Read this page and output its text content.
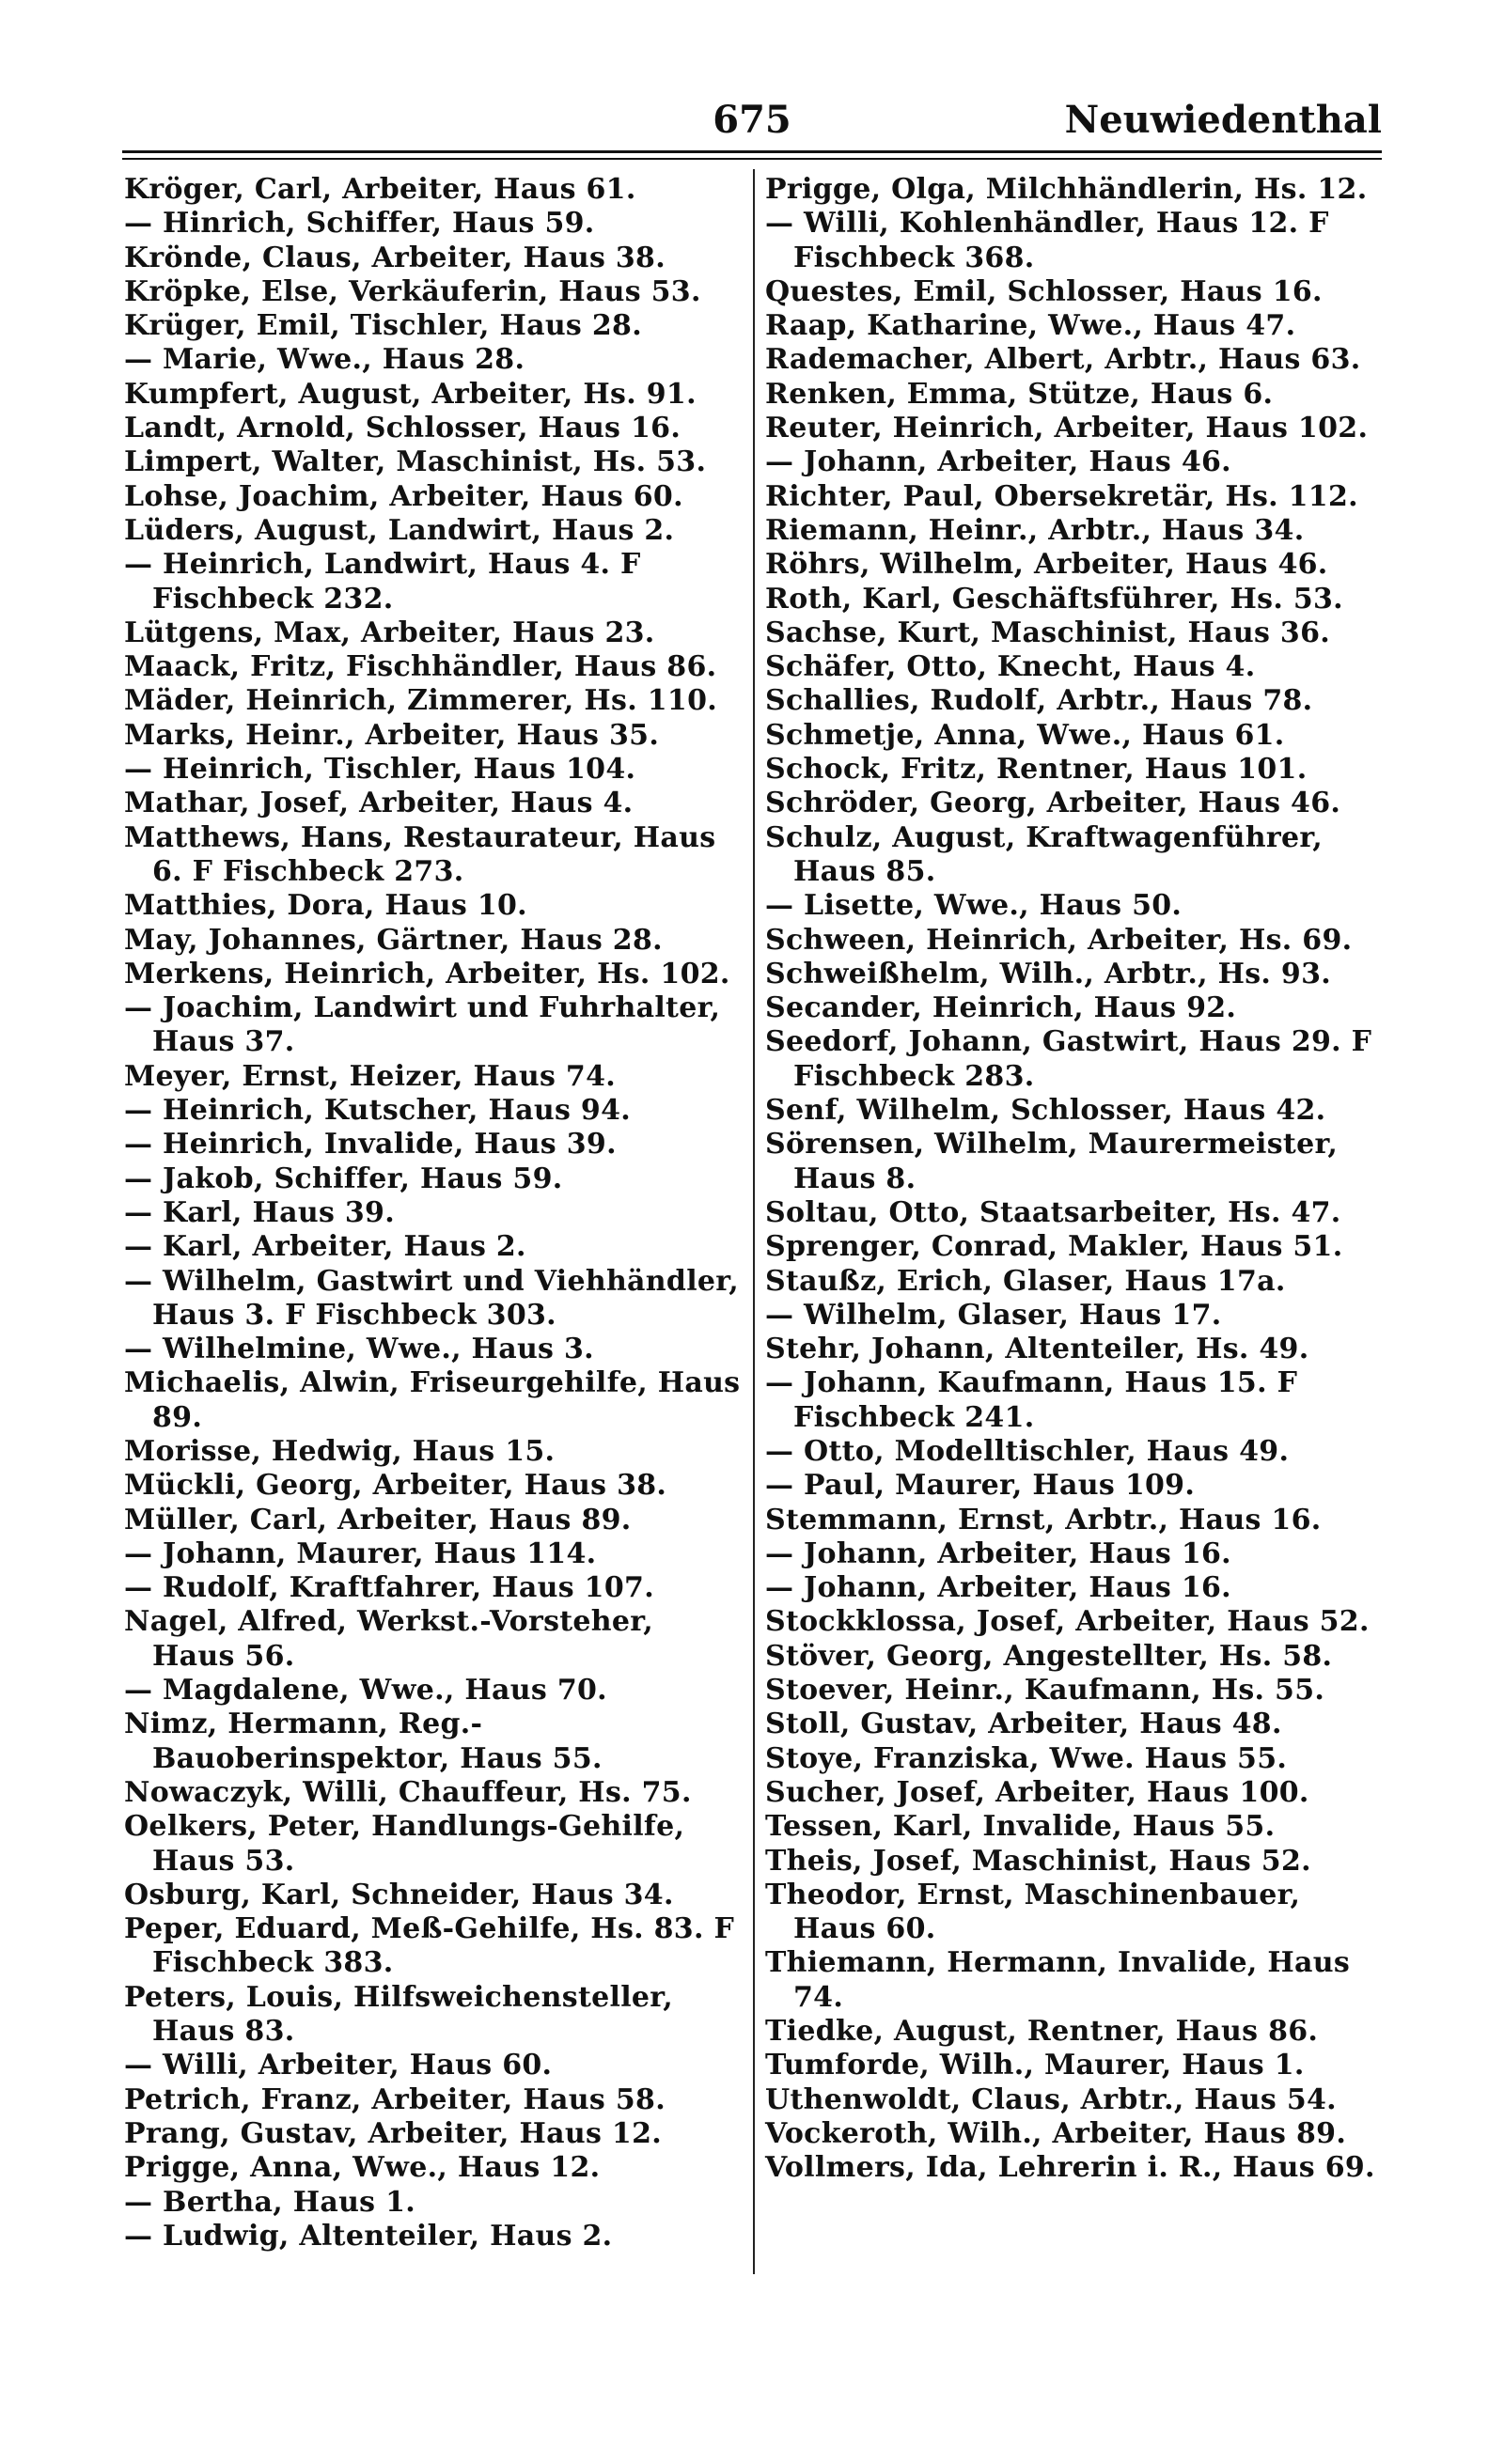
675	Neuwiedenthal
Kröger, Carl, Arbeiter, Haus 61.
— Hinrich, Schiffer, Haus 59.
Krönde, Claus, Arbeiter, Haus 38.
Kröpke, Else, Verkäuferin, Haus 53.
Krüger, Emil, Tischler, Haus 28.
— Marie, Wwe., Haus 28.
Kumpfert, August, Arbeiter, Hs. 91.
Landt, Arnold, Schlosser, Haus 16.
Limpert, Walter, Maschinist, Hs. 53.
Lohse, Joachim, Arbeiter, Haus 60.
Lüders, August, Landwirt, Haus 2.
— Heinrich, Landwirt, Haus 4. F Fischbeck 232.
Lütgens, Max, Arbeiter, Haus 23.
Maack, Fritz, Fischhändler, Haus 86.
Mäder, Heinrich, Zimmerer, Hs. 110.
Marks, Heinr., Arbeiter, Haus 35.
— Heinrich, Tischler, Haus 104.
Mathar, Josef, Arbeiter, Haus 4.
Matthews, Hans, Restaurateur, Haus 6. F Fischbeck 273.
Matthies, Dora, Haus 10.
May, Johannes, Gärtner, Haus 28.
Merkens, Heinrich, Arbeiter, Hs. 102.
— Joachim, Landwirt und Fuhrhalter, Haus 37.
Meyer, Ernst, Heizer, Haus 74.
— Heinrich, Kutscher, Haus 94.
— Heinrich, Invalide, Haus 39.
— Jakob, Schiffer, Haus 59.
— Karl, Haus 39.
— Karl, Arbeiter, Haus 2.
— Wilhelm, Gastwirt und Viehhändler, Haus 3. F Fischbeck 303.
— Wilhelmine, Wwe., Haus 3.
Michaelis, Alwin, Friseurgehilfe, Haus 89.
Morisse, Hedwig, Haus 15.
Mückli, Georg, Arbeiter, Haus 38.
Müller, Carl, Arbeiter, Haus 89.
— Johann, Maurer, Haus 114.
— Rudolf, Kraftfahrer, Haus 107.
Nagel, Alfred, Werkst.-Vorsteher, Haus 56.
— Magdalene, Wwe., Haus 70.
Nimz, Hermann, Reg.-Bauoberinspektor, Haus 55.
Nowaczyk, Willi, Chauffeur, Hs. 75.
Oelkers, Peter, Handlungs-Gehilfe, Haus 53.
Osburg, Karl, Schneider, Haus 34.
Peper, Eduard, Meß-Gehilfe, Hs. 83. F Fischbeck 383.
Peters, Louis, Hilfsweichensteller, Haus 83.
— Willi, Arbeiter, Haus 60.
Petrich, Franz, Arbeiter, Haus 58.
Prang, Gustav, Arbeiter, Haus 12.
Prigge, Anna, Wwe., Haus 12.
— Bertha, Haus 1.
— Ludwig, Altenteiler, Haus 2.
Prigge, Olga, Milchhändlerin, Hs. 12.
— Willi, Kohlenhändler, Haus 12. F Fischbeck 368.
Questes, Emil, Schlosser, Haus 16.
Raap, Katharine, Wwe., Haus 47.
Rademacher, Albert, Arbtr., Haus 63.
Renken, Emma, Stütze, Haus 6.
Reuter, Heinrich, Arbeiter, Haus 102.
— Johann, Arbeiter, Haus 46.
Richter, Paul, Obersekretär, Hs. 112.
Riemann, Heinr., Arbtr., Haus 34.
Röhrs, Wilhelm, Arbeiter, Haus 46.
Roth, Karl, Geschäftsführer, Hs. 53.
Sachse, Kurt, Maschinist, Haus 36.
Schäfer, Otto, Knecht, Haus 4.
Schallies, Rudolf, Arbtr., Haus 78.
Schmetje, Anna, Wwe., Haus 61.
Schock, Fritz, Rentner, Haus 101.
Schröder, Georg, Arbeiter, Haus 46.
Schulz, August, Kraftwagenführer, Haus 85.
— Lisette, Wwe., Haus 50.
Schween, Heinrich, Arbeiter, Hs. 69.
Schweißhelm, Wilh., Arbtr., Hs. 93.
Secander, Heinrich, Haus 92.
Seedorf, Johann, Gastwirt, Haus 29. F Fischbeck 283.
Senf, Wilhelm, Schlosser, Haus 42.
Sörensen, Wilhelm, Maurermeister, Haus 8.
Soltau, Otto, Staatsarbeiter, Hs. 47.
Sprenger, Conrad, Makler, Haus 51.
Staußz, Erich, Glaser, Haus 17a.
— Wilhelm, Glaser, Haus 17.
Stehr, Johann, Altenteiler, Hs. 49.
— Johann, Kaufmann, Haus 15. F Fischbeck 241.
— Otto, Modelltischler, Haus 49.
— Paul, Maurer, Haus 109.
Stemmann, Ernst, Arbtr., Haus 16.
— Johann, Arbeiter, Haus 16.
— Johann, Arbeiter, Haus 16.
Stockklossa, Josef, Arbeiter, Haus 52.
Stöver, Georg, Angestellter, Hs. 58.
Stoever, Heinr., Kaufmann, Hs. 55.
Stoll, Gustav, Arbeiter, Haus 48.
Stoye, Franziska, Wwe. Haus 55.
Sucher, Josef, Arbeiter, Haus 100.
Tessen, Karl, Invalide, Haus 55.
Theis, Josef, Maschinist, Haus 52.
Theodor, Ernst, Maschinenbauer, Haus 60.
Thiemann, Hermann, Invalide, Haus 74.
Tiedke, August, Rentner, Haus 86.
Tumforde, Wilh., Maurer, Haus 1.
Uthenwoldt, Claus, Arbtr., Haus 54.
Vockeroth, Wilh., Arbeiter, Haus 89.
Vollmers, Ida, Lehrerin i. R., Haus 69.
